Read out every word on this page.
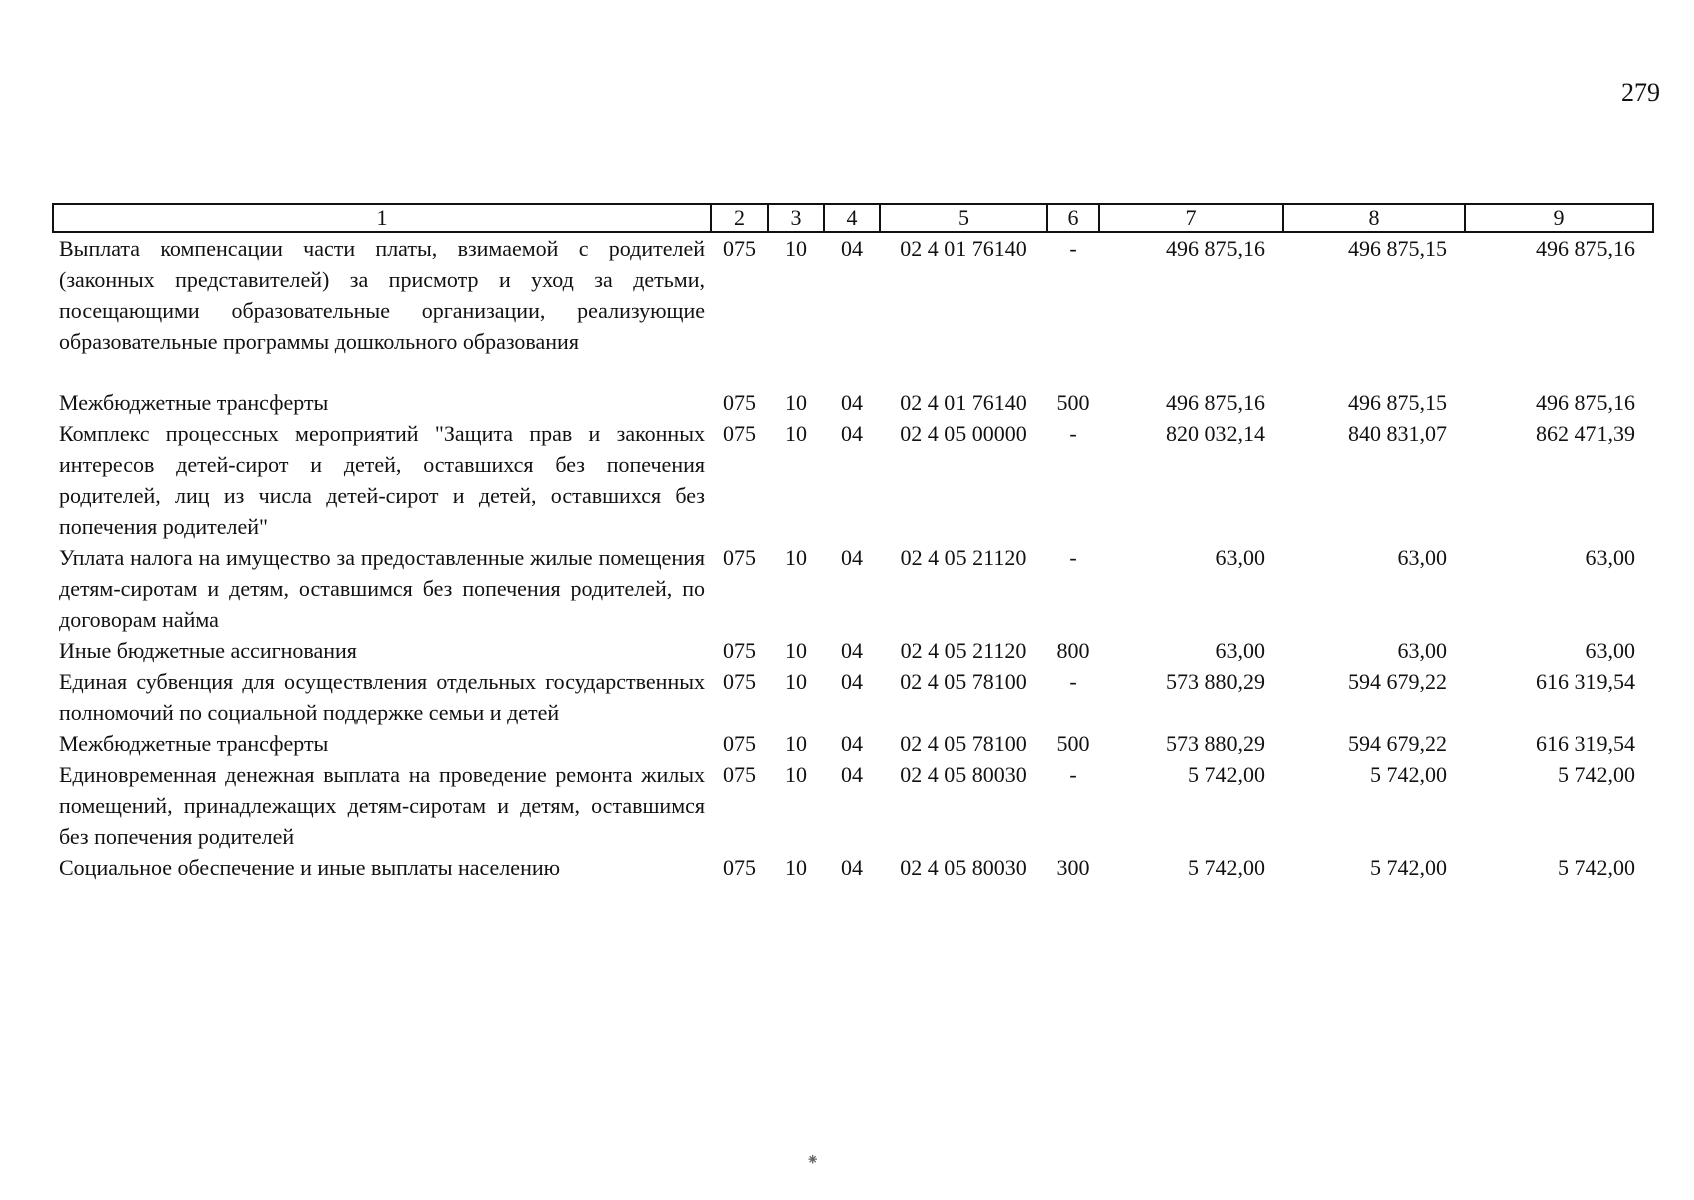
279
1	2	3	4	5	6	7	8	9
Выплата компенсации части платы, взимаемой с родителей (законных представителей) за присмотр и уход за детьми, посещающими образовательные организации, реализующие образовательные программы дошкольного образования	075	10	04	02 4 01 76140	-	496 875,16	496 875,15	496 875,16

Межбюджетные трансферты	075	10	04	02 4 01 76140	500	496 875,16	496 875,15	496 875,16
Комплекс процессных мероприятий "Защита прав и законных интересов детей-сирот и детей, оставшихся без попечения родителей, лиц из числа детей-сирот и детей, оставшихся без попечения родителей"	075	10	04	02 4 05 00000	-	820 032,14	840 831,07	862 471,39
Уплата налога на имущество за предоставленные жилые помещения детям-сиротам и детям, оставшимся без попечения родителей, по договорам найма	075	10	04	02 4 05 21120	-	63,00	63,00	63,00
Иные бюджетные ассигнования	075	10	04	02 4 05 21120	800	63,00	63,00	63,00
Единая субвенция для осуществления отдельных государственных полномочий по социальной поддержке семьи и детей	075	10	04	02 4 05 78100	-	573 880,29	594 679,22	616 319,54
Межбюджетные трансферты	075	10	04	02 4 05 78100	500	573 880,29	594 679,22	616 319,54
Единовременная денежная выплата на проведение ремонта жилых помещений, принадлежащих детям-сиротам и детям, оставшимся без попечения родителей	075	10	04	02 4 05 80030	-	5 742,00	5 742,00	5 742,00
Социальное обеспечение и иные выплаты населению	075	10	04	02 4 05 80030	300	5 742,00	5 742,00	5 742,00
⁕
